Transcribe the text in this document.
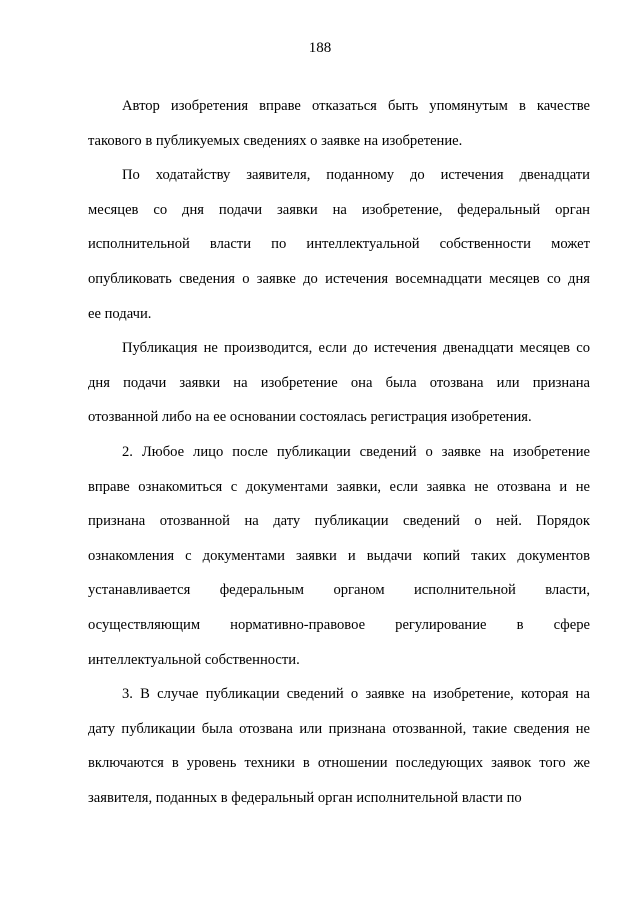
188
Автор изобретения вправе отказаться быть упомянутым в качестве
такового в публикуемых сведениях о заявке на изобретение.
По ходатайству заявителя, поданному до истечения двенадцати
месяцев со дня подачи заявки на изобретение, федеральный орган
исполнительной власти по интеллектуальной собственности может
опубликовать сведения о заявке до истечения восемнадцати месяцев со дня
ее подачи.
Публикация не производится, если до истечения двенадцати месяцев со
дня подачи заявки на изобретение она была отозвана или признана
отозванной либо на ее основании состоялась регистрация изобретения.
2. Любое лицо после публикации сведений о заявке на изобретение
вправе ознакомиться с документами заявки, если заявка не отозвана и не
признана отозванной на дату публикации сведений о ней. Порядок
ознакомления с документами заявки и выдачи копий таких документов
устанавливается федеральным органом исполнительной власти,
осуществляющим нормативно-правовое регулирование в сфере
интеллектуальной собственности.
3. В случае публикации сведений о заявке на изобретение, которая на
дату публикации была отозвана или признана отозванной, такие сведения не
включаются в уровень техники в отношении последующих заявок того же
заявителя, поданных в федеральный орган исполнительной власти по
